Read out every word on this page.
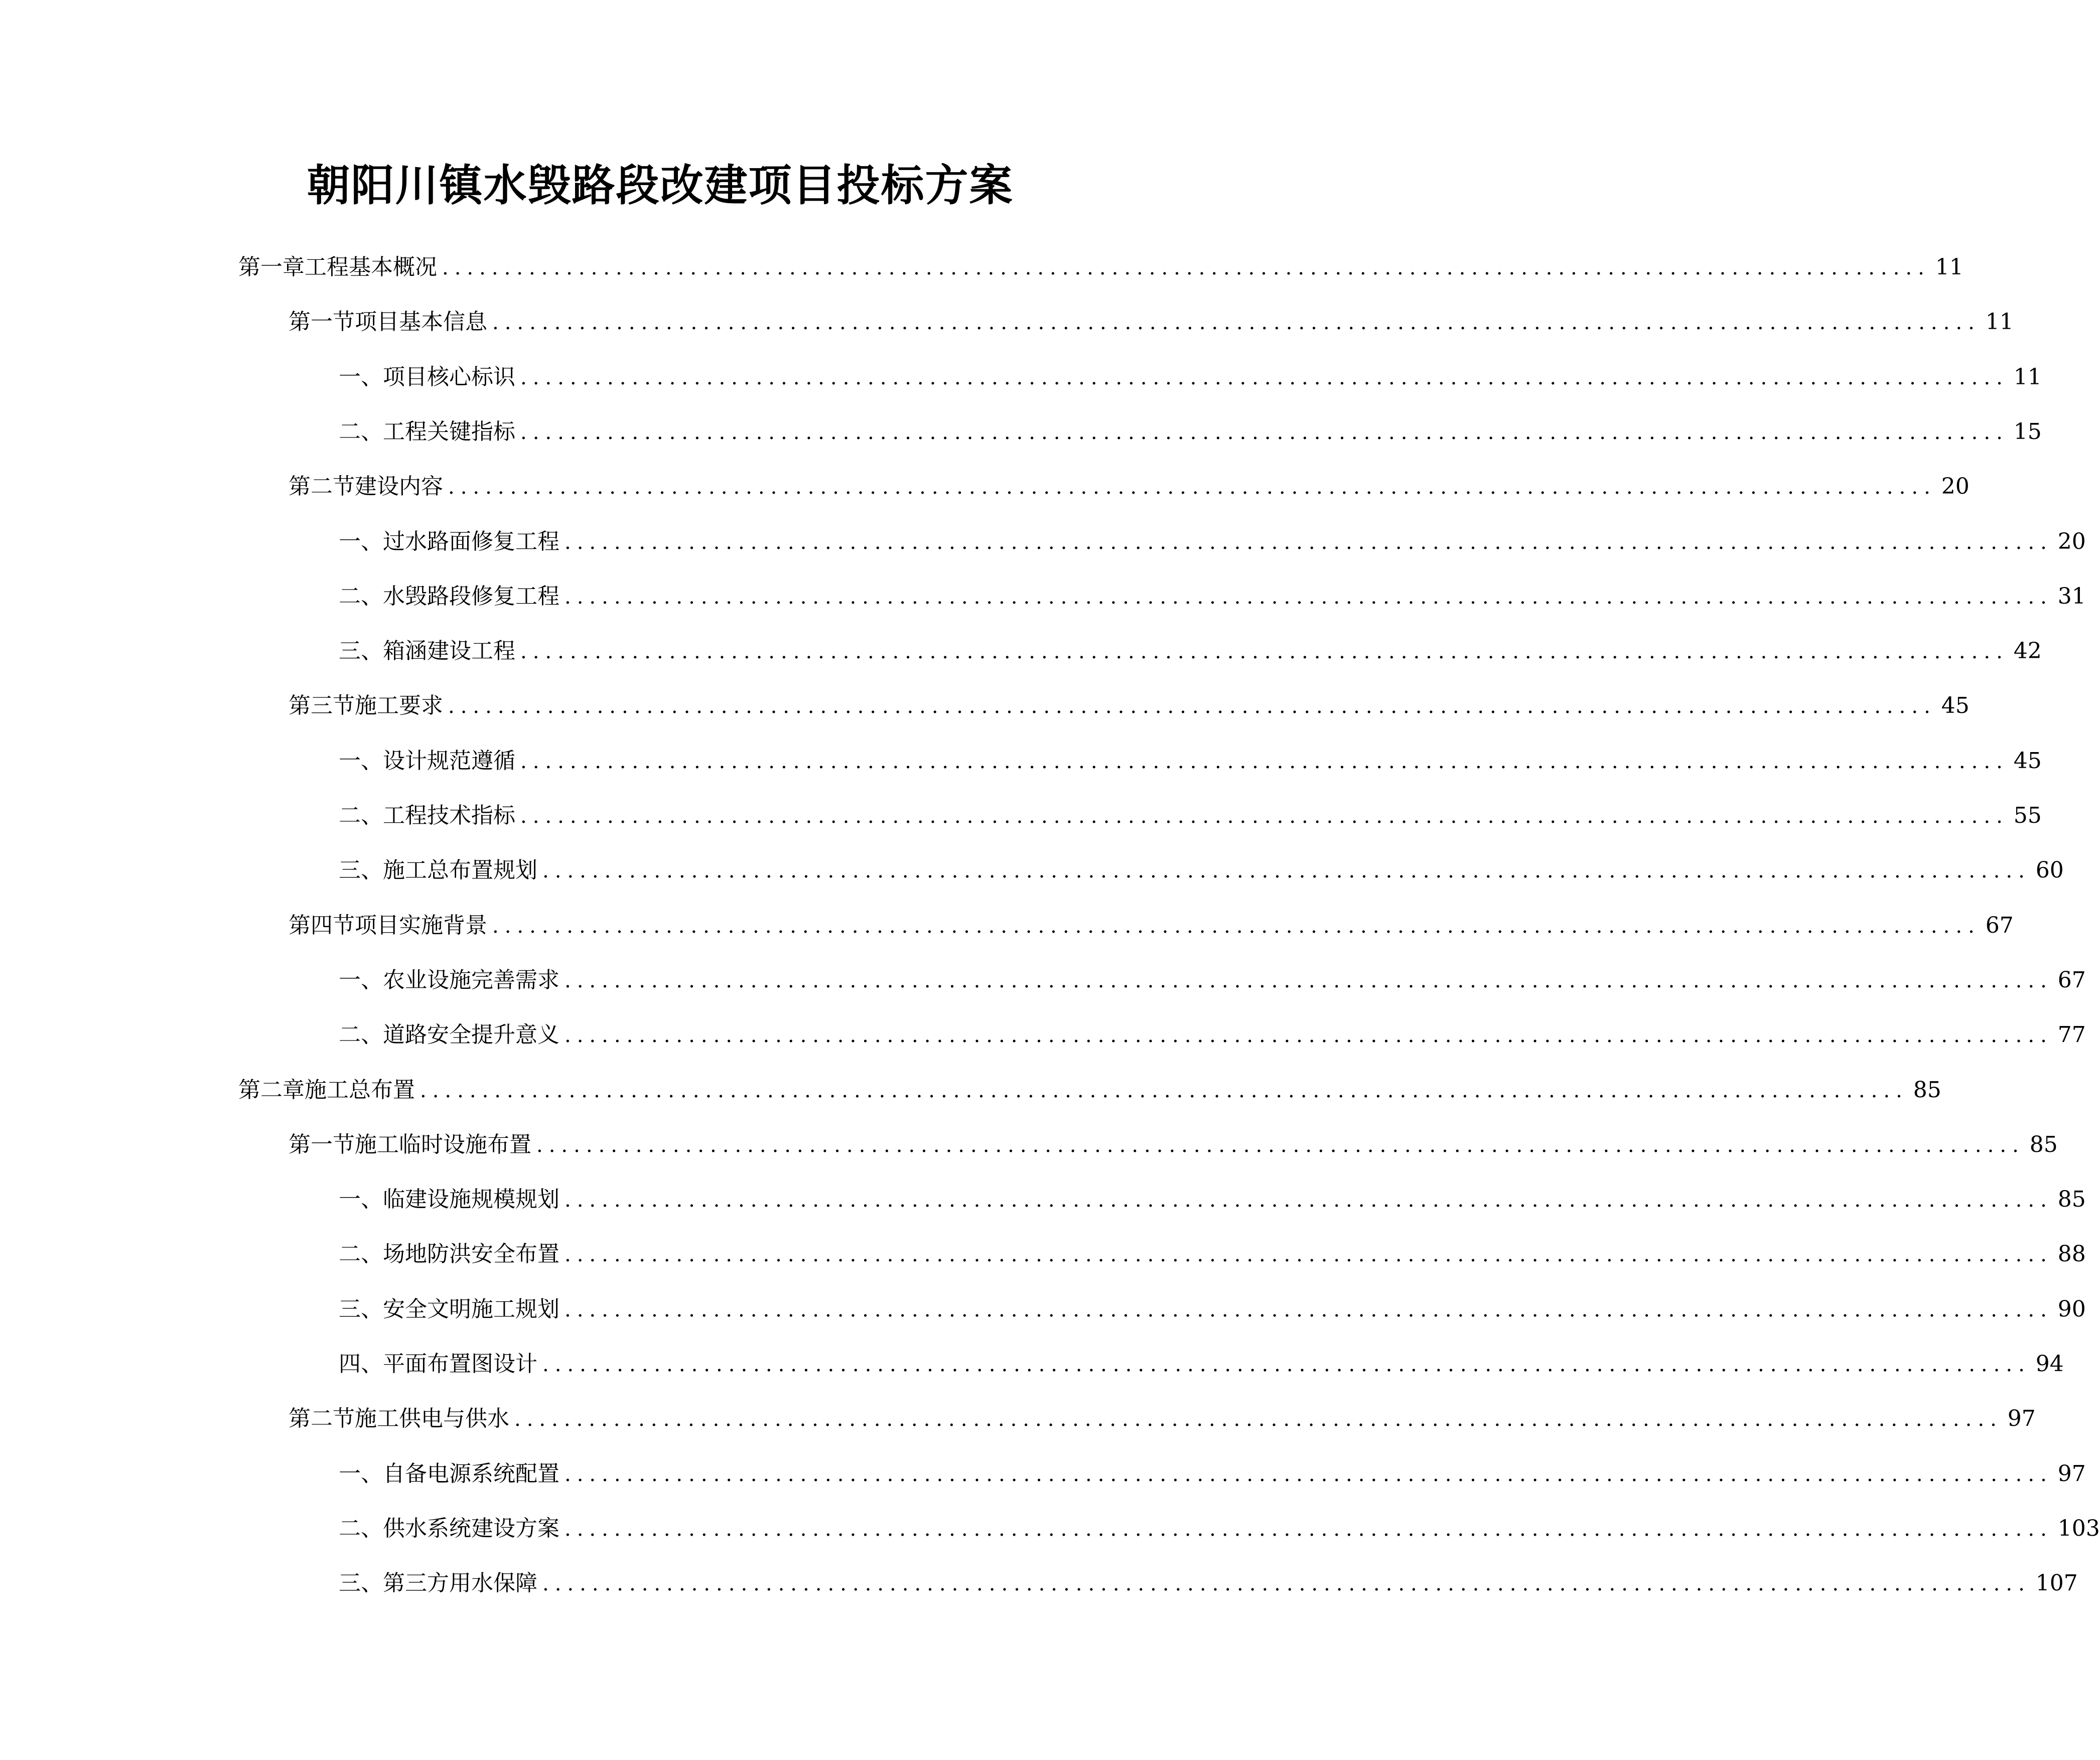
朝阳川镇水毁路段改建项目投标方案
第一章 工程基本概况 ........................................................................................................................ 11
第一节 项目基本信息 ........................................................................................................................ 11
一、 项目核心标识 ........................................................................................................................ 11
二、 工程关键指标 ........................................................................................................................ 15
第二节 建设内容 ........................................................................................................................ 20
一、 过水路面修复工程 ........................................................................................................................ 20
二、 水毁路段修复工程 ........................................................................................................................ 31
三、 箱涵建设工程 ........................................................................................................................ 42
第三节 施工要求 ........................................................................................................................ 45
一、 设计规范遵循 ........................................................................................................................ 45
二、 工程技术指标 ........................................................................................................................ 55
三、 施工总布置规划 ........................................................................................................................ 60
第四节 项目实施背景 ........................................................................................................................ 67
一、 农业设施完善需求 ........................................................................................................................ 67
二、 道路安全提升意义 ........................................................................................................................ 77
第二章 施工总布置 ........................................................................................................................ 85
第一节 施工临时设施布置 ........................................................................................................................ 85
一、 临建设施规模规划 ........................................................................................................................ 85
二、 场地防洪安全布置 ........................................................................................................................ 88
三、 安全文明施工规划 ........................................................................................................................ 90
四、 平面布置图设计 ........................................................................................................................ 94
第二节 施工供电与供水 ........................................................................................................................ 97
一、 自备电源系统配置 ........................................................................................................................ 97
二、 供水系统建设方案 ........................................................................................................................ 103
三、 第三方用水保障 ........................................................................................................................ 107
